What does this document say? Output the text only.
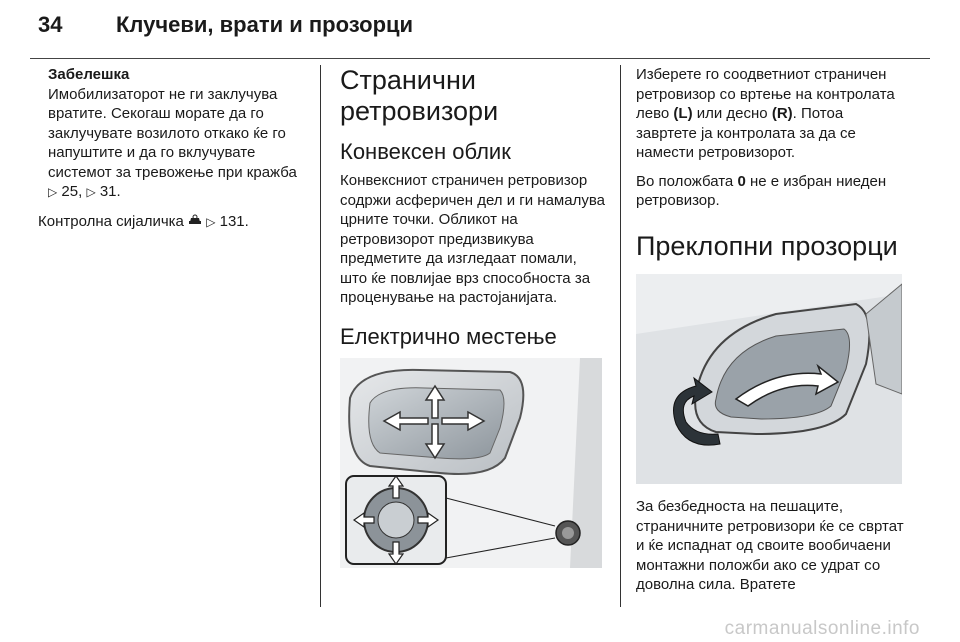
34 Клучеви, врати и прозорци

Забелешка

Имобилизаторот не ги заклучува вратите. Секогаш морате да го заклучувате возилото откако ќе го напуштите и да го вклучувате системот за тревожење при кражба ▷ 25, ▷ 31.

Контролна сијаличка ▷ 131.

Странични ретровизори
Конвексен облик

Конвексниот страничен ретровизор содржи асферичен дел и ги намалува црните точки. Обликот на ретровизорот предизвикува предметите да изгледаат помали, што ќе повлијае врз способноста за проценување на растојанијата.

Електрично местење

Изберете го соодветниот страничен ретровизор со вртење на контролата лево (L) или десно (R). Потоа завртете ја контролата за да се намести ретровизорот.

Во положбата 0 не е избран ниеден ретровизор.

Преклопни прозорци

За безбедноста на пешаците, страничните ретровизори ќе се свртат и ќе испаднат од своите вообичаени монтажни положби ако се удрат со доволна сила. Вратете

carmanualsonline.info
